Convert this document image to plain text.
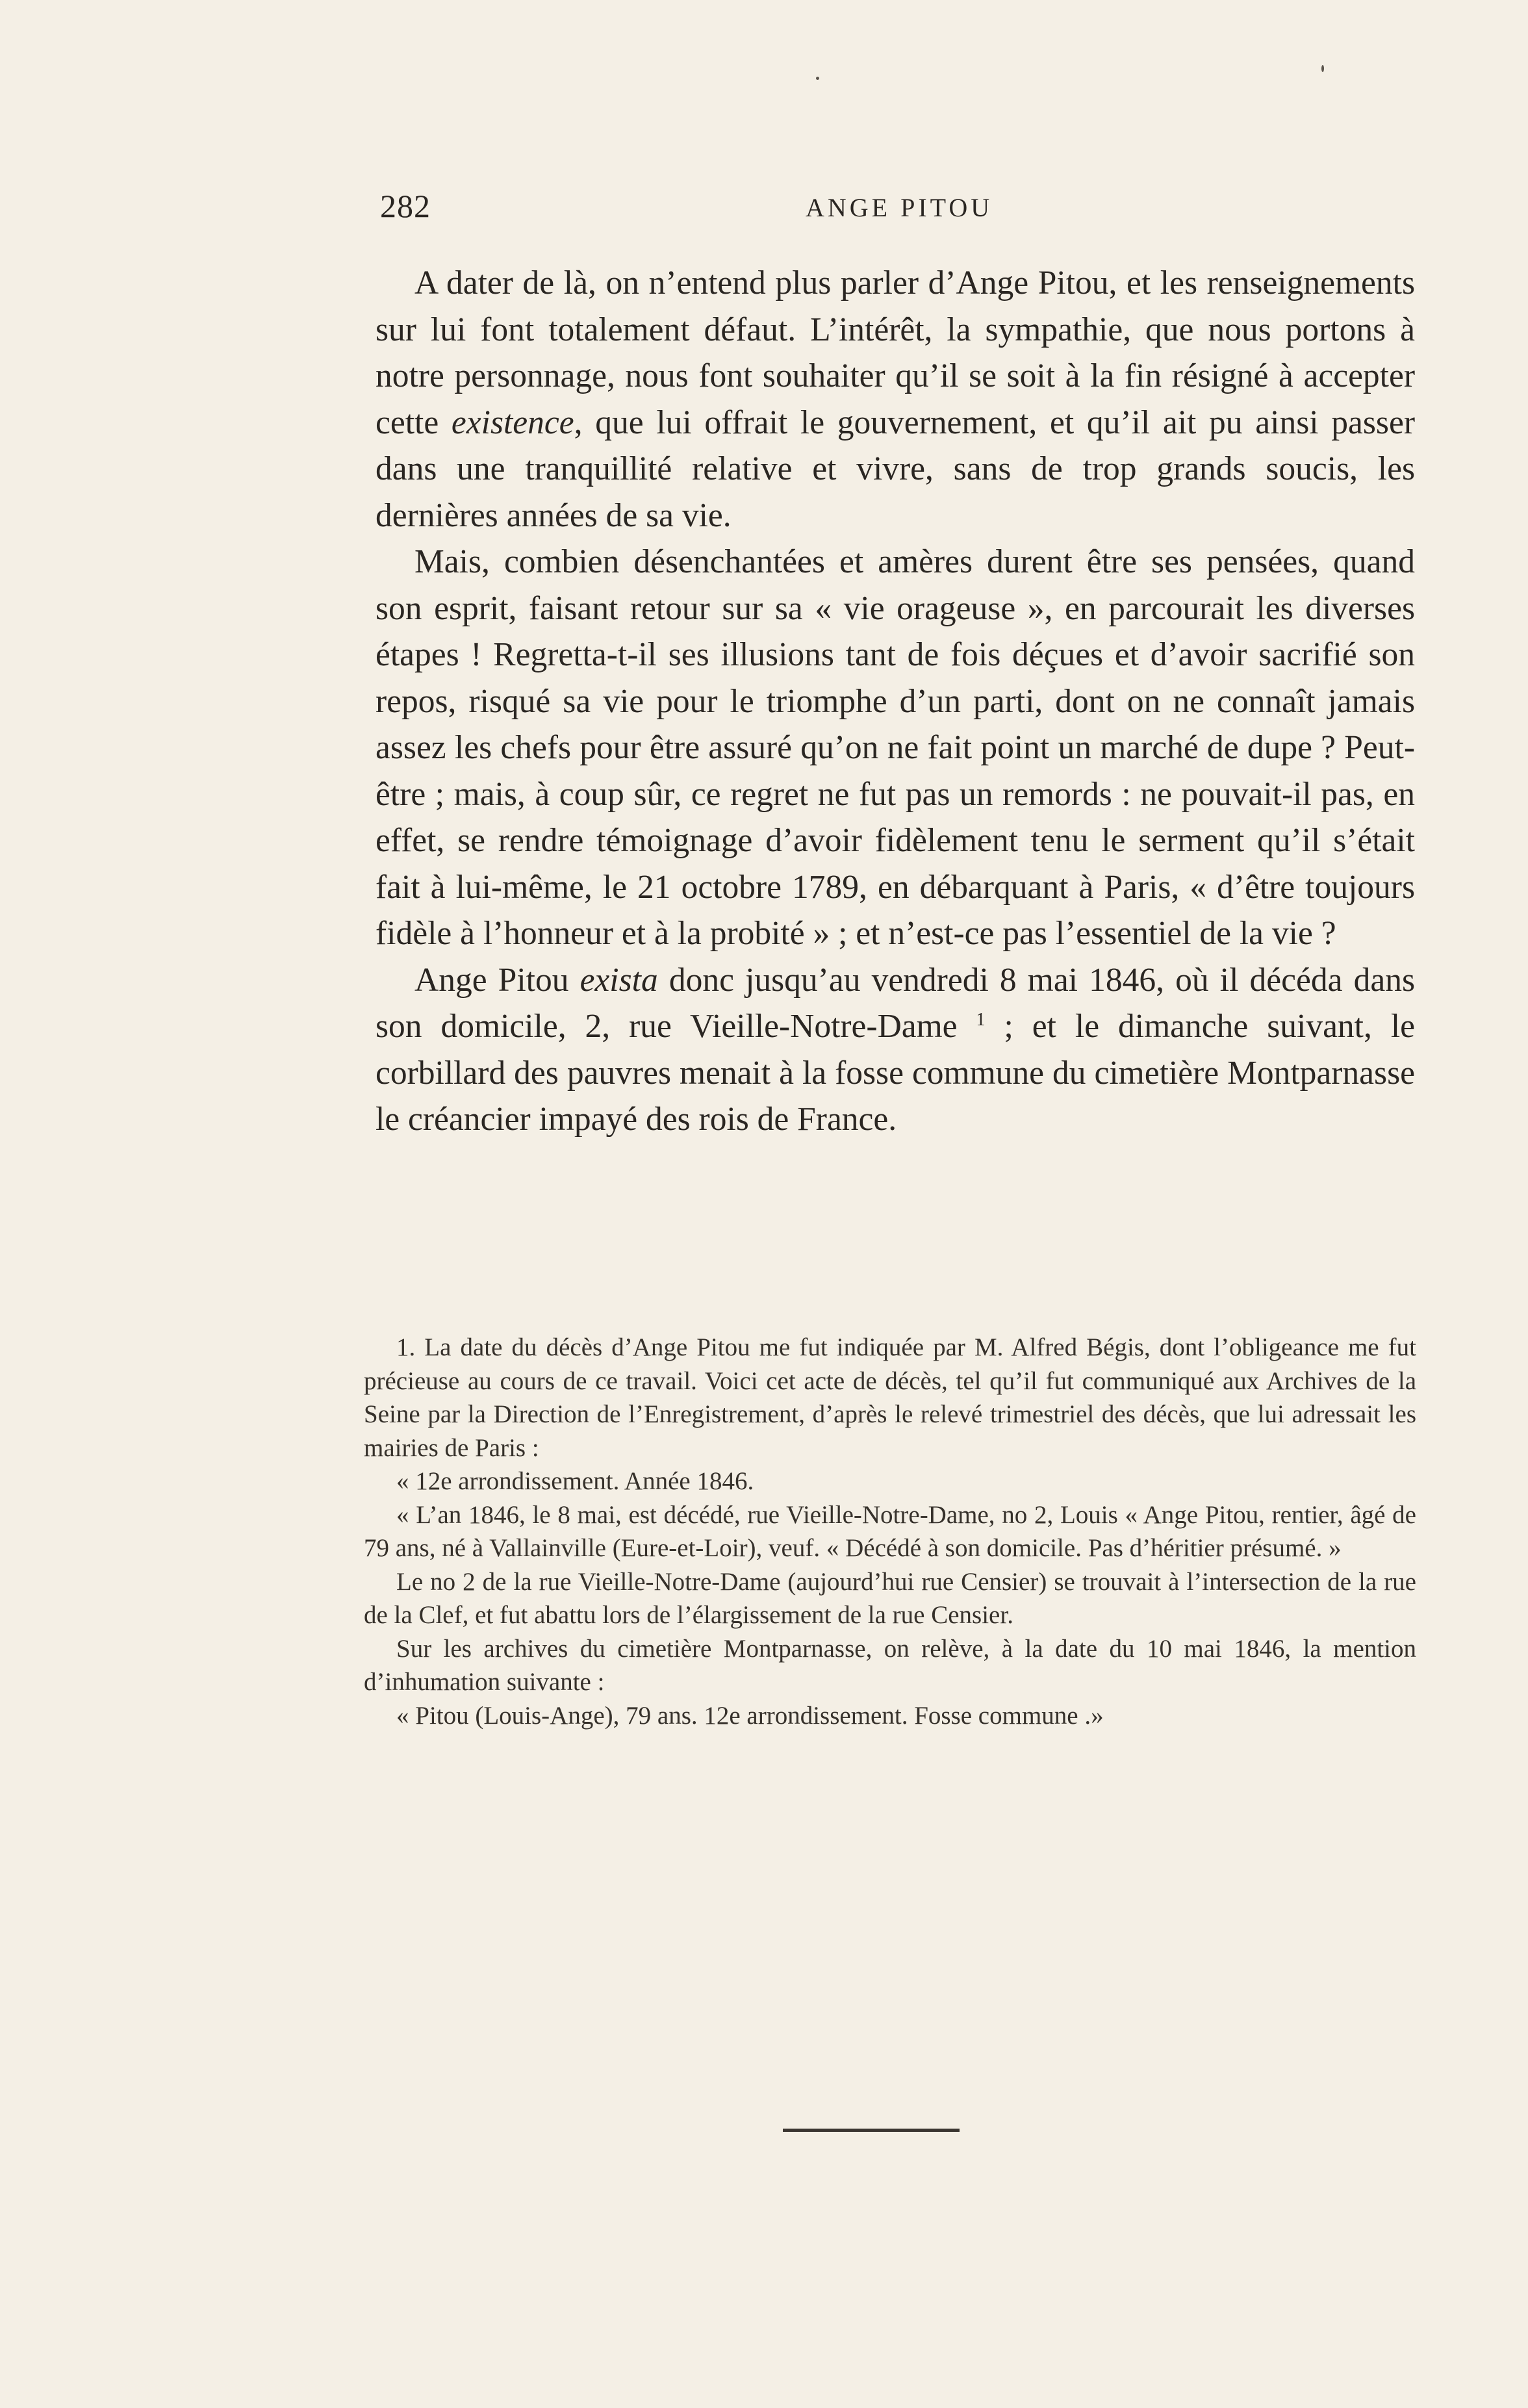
282	ANGE PITOU

A dater de là, on n’entend plus parler d’Ange Pitou, et les renseignements sur lui font totalement défaut. L’intérêt, la sympathie, que nous portons à notre personnage, nous font souhaiter qu’il se soit à la fin résigné à accepter cette existence, que lui offrait le gouvernement, et qu’il ait pu ainsi passer dans une tranquillité relative et vivre, sans de trop grands soucis, les dernières années de sa vie.

Mais, combien désenchantées et amères durent être ses pensées, quand son esprit, faisant retour sur sa « vie orageuse », en parcourait les diverses étapes ! Regretta-t-il ses illusions tant de fois déçues et d’avoir sacrifié son repos, risqué sa vie pour le triomphe d’un parti, dont on ne connaît jamais assez les chefs pour être assuré qu’on ne fait point un marché de dupe ? Peut-être ; mais, à coup sûr, ce regret ne fut pas un remords : ne pouvait-il pas, en effet, se rendre témoignage d’avoir fidèlement tenu le serment qu’il s’était fait à lui-même, le 21 octobre 1789, en débarquant à Paris, « d’être toujours fidèle à l’honneur et à la probité » ; et n’est-ce pas l’essentiel de la vie ?

Ange Pitou exista donc jusqu’au vendredi 8 mai 1846, où il décéda dans son domicile, 2, rue Vieille-Notre-Dame $^1$ ; et le dimanche suivant, le corbillard des pauvres menait à la fosse commune du cimetière Montparnasse le créancier impayé des rois de France.

1. La date du décès d’Ange Pitou me fut indiquée par M. Alfred Bégis, dont l’obligeance me fut précieuse au cours de ce travail. Voici cet acte de décès, tel qu’il fut communiqué aux Archives de la Seine par la Direction de l’Enregistrement, d’après le relevé trimestriel des décès, que lui adressait les mairies de Paris :

« 12e arrondissement. Année 1846.

« L’an 1846, le 8 mai, est décédé, rue Vieille-Notre-Dame, no 2, Louis « Ange Pitou, rentier, âgé de 79 ans, né à Vallainville (Eure-et-Loir), veuf. « Décédé à son domicile. Pas d’héritier présumé. »

Le no 2 de la rue Vieille-Notre-Dame (aujourd’hui rue Censier) se trouvait à l’intersection de la rue de la Clef, et fut abattu lors de l’élargissement de la rue Censier.

Sur les archives du cimetière Montparnasse, on relève, à la date du 10 mai 1846, la mention d’inhumation suivante :

« Pitou (Louis-Ange), 79 ans. 12e arrondissement. Fosse commune .»
